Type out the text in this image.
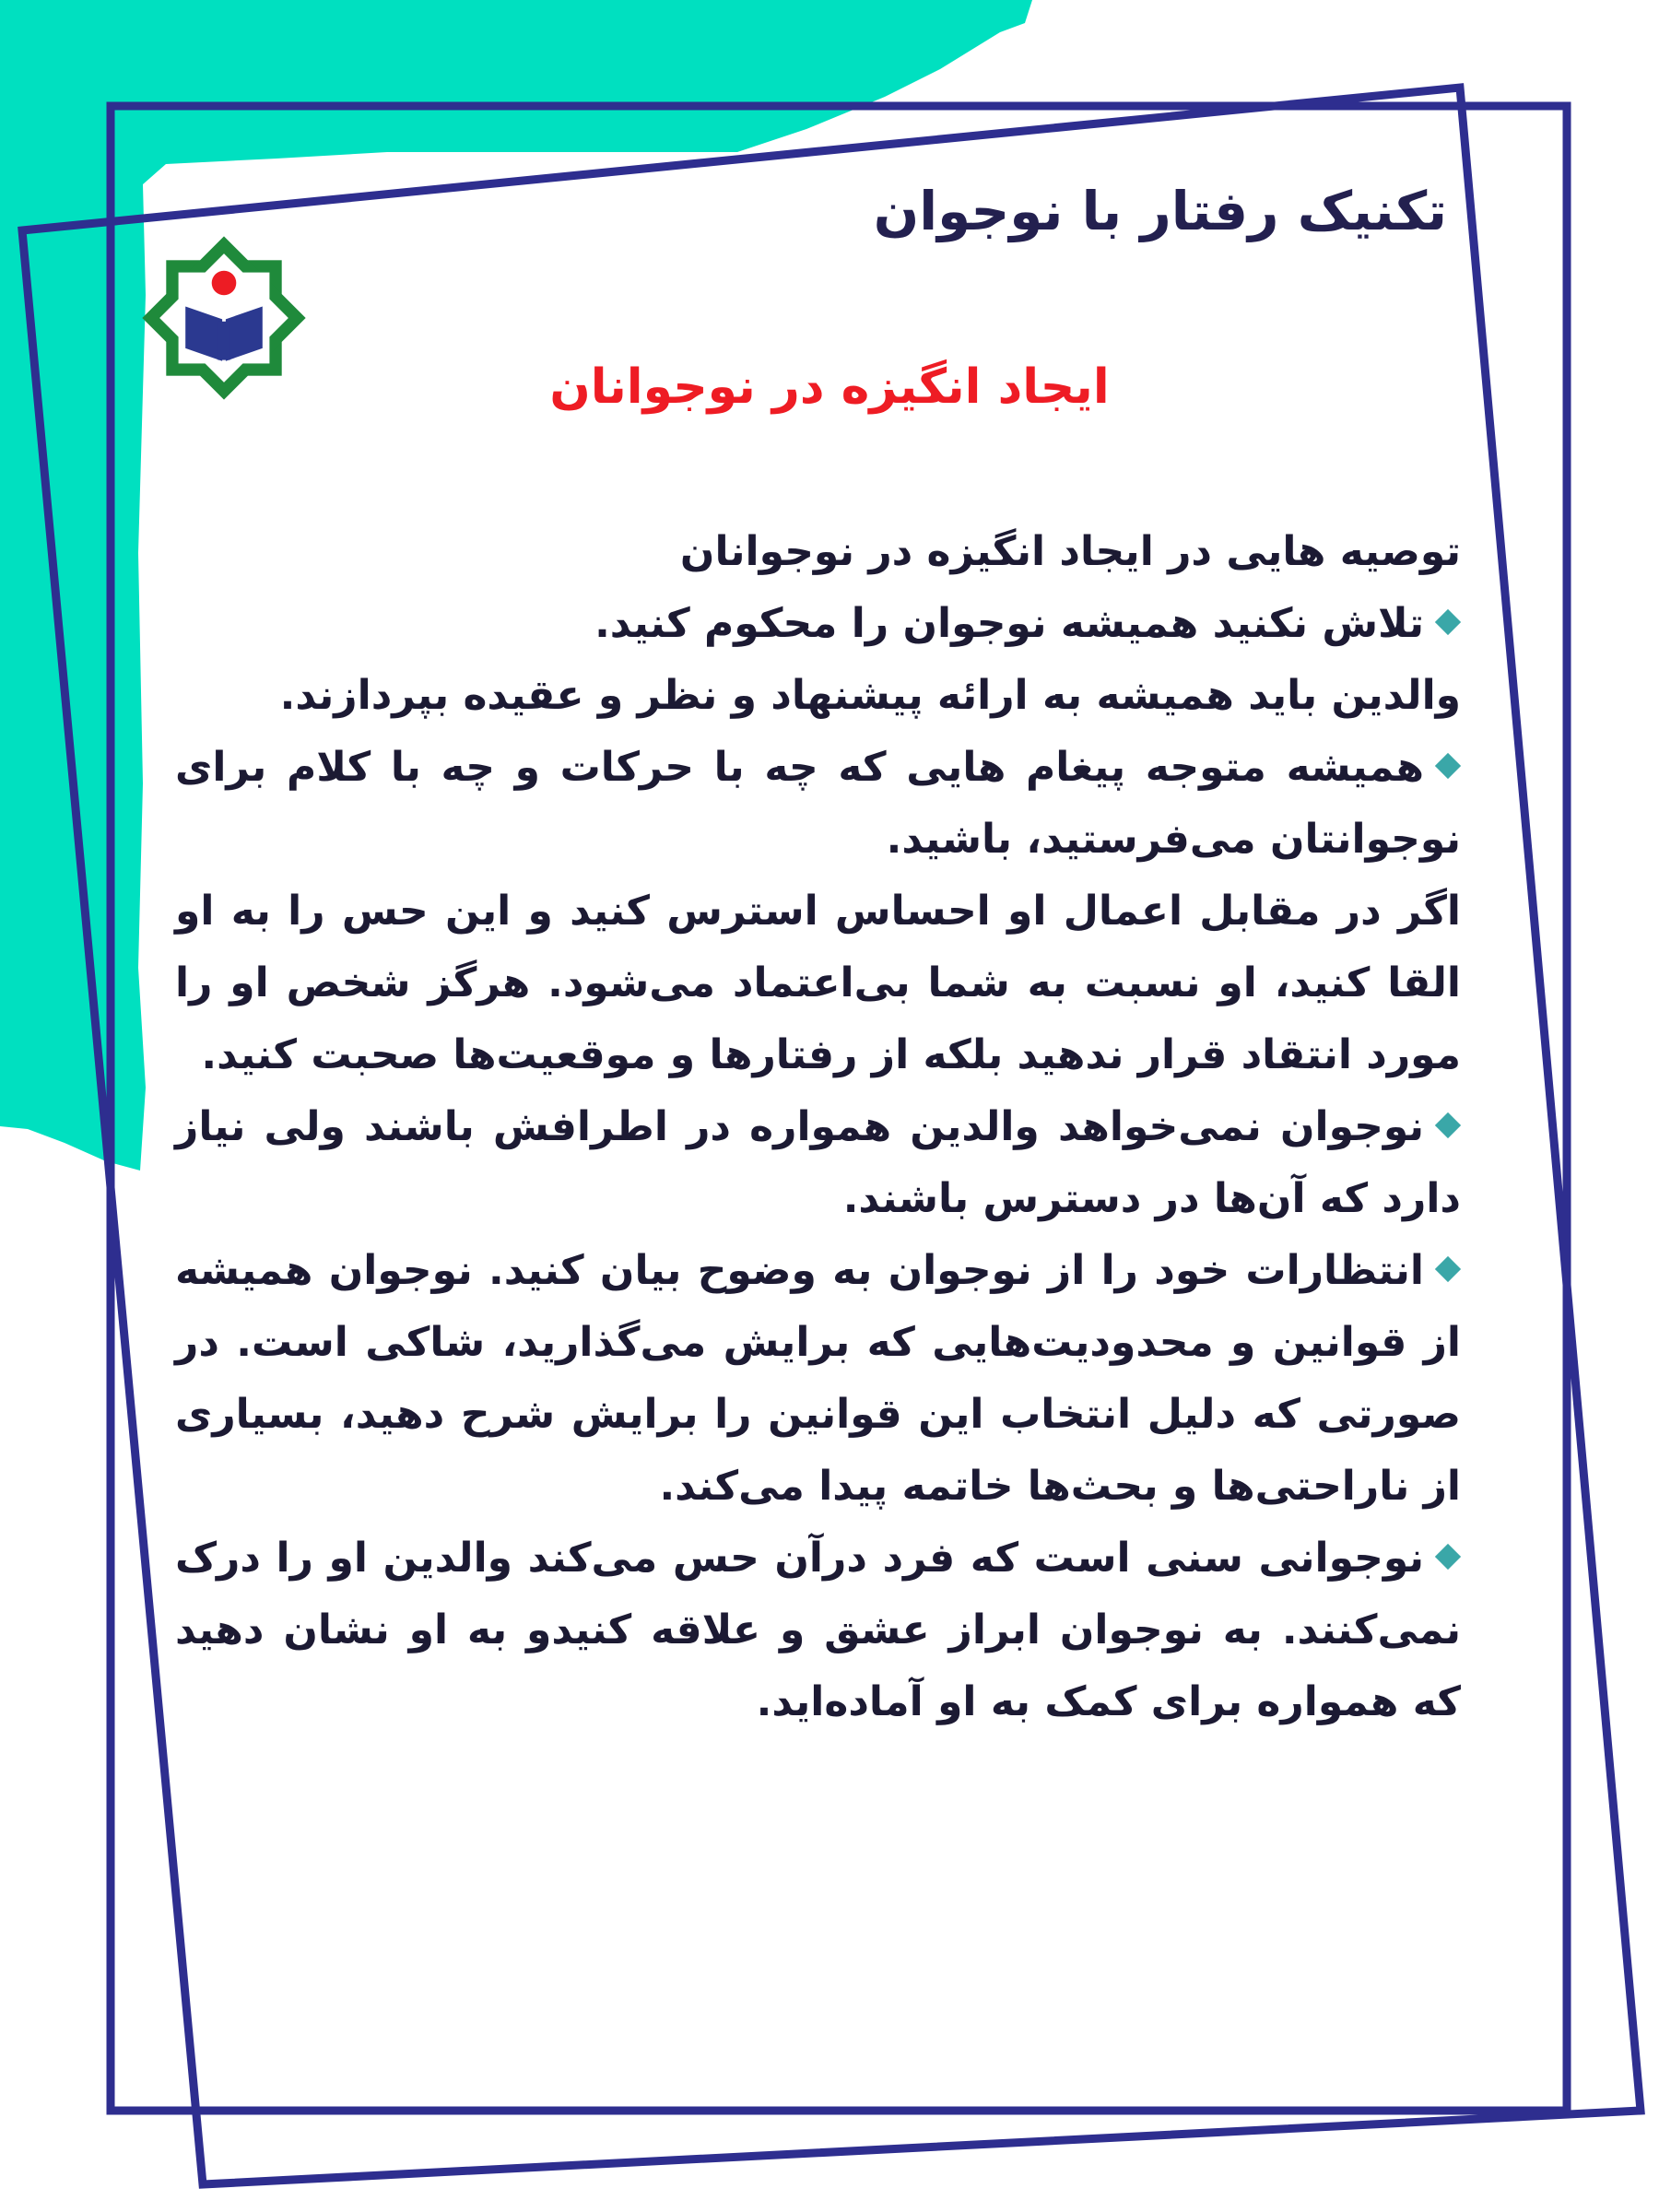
تکنیک رفتار با نوجوان
ایجاد انگیزه در نوجوانان

توصیه هایی در ایجاد انگیزه در نوجوانان

تلاش نکنید همیشه نوجوان را محکوم کنید.

والدین باید همیشه به ارائه پیشنهاد و نظر و عقیده بپردازند.

همیشه متوجه پیغام هایی که چه با حرکات و چه با کلام برای نوجوانتان می‌فرستید، باشید.

اگر در مقابل اعمال او احساس استرس کنید و این حس را به او القا کنید، او نسبت به شما بی‌اعتماد می‌شود. هرگز شخص او را مورد انتقاد قرار ندهید بلکه از رفتارها و موقعیت‌ها صحبت کنید.

نوجوان نمی‌خواهد والدین همواره در اطرافش باشند ولی نیاز دارد که آن‌ها در دسترس باشند.

انتظارات خود را از نوجوان به وضوح بیان کنید. نوجوان همیشه از قوانین و محدودیت‌هایی که برایش می‌گذارید، شاکی است. در صورتی که دلیل انتخاب این قوانین را برایش شرح دهید، بسیاری از ناراحتی‌ها و بحث‌ها خاتمه پیدا می‌کند.

نوجوانی سنی است که فرد درآن حس می‌کند والدین او را درک نمی‌کنند. به نوجوان ابراز عشق و علاقه کنیدو به او نشان دهید که همواره برای کمک به او آماده‌اید.
